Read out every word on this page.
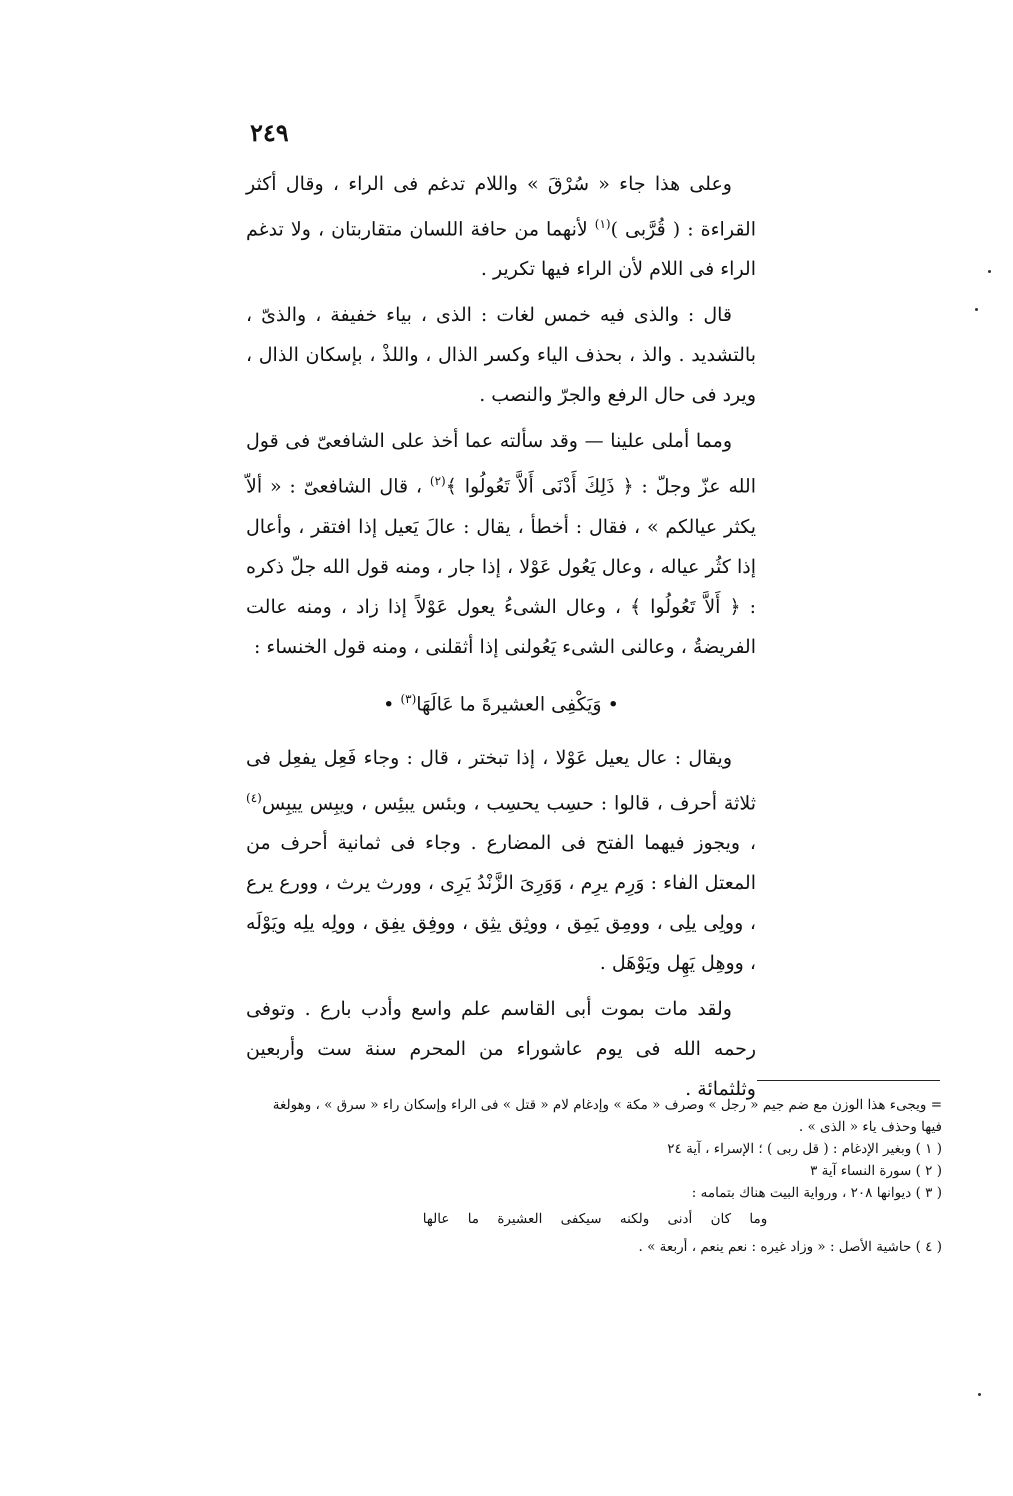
٢٤٩

وعلى هذا جاء « سُرْقَ » واللام تدغم فى الراء ، وقال أكثر القراءة : ( قُرَّبى )$^{(١)}$ لأنهما من حافة اللسان متقاربتان ، ولا تدغم الراء فى اللام لأن الراء فيها تكرير .

قال : والذى فيه خمس لغات : الذى ، بياء خفيفة ، والذىّ ، بالتشديد . والذ ، بحذف الياء وكسر الذال ، واللذْ ، بإسكان الذال ، ويرد فى حال الرفع والجرّ والنصب .

ومما أملى علينا — وقد سألته عما أخذ على الشافعىّ فى قول الله عزّ وجلّ : ﴿ ذَلِكَ أَدْنَى أَلاَّ تَعُولُوا ﴾$^{(٢)}$ ، قال الشافعىّ : « ألاّ يكثر عيالكم » ، فقال : أخطأ ، يقال : عالَ يَعيل إذا افتقر ، وأعال إذا كثُر عياله ، وعال يَعُول عَوْلا ، إذا جار ، ومنه قول الله جلّ ذكره : ﴿ أَلاَّ تَعُولُوا ﴾ ، وعال الشىءُ يعول عَوْلاً إذا زاد ، ومنه عالت الفريضةُ ، وعالنى الشىء يَعُولنى إذا أثقلنى ، ومنه قول الخنساء :

• وَيَكْفِى العشيرةَ ما عَالَهَا$^{(٣)}$ •

ويقال : عال يعيل عَوْلا ، إذا تبختر ، قال : وجاء فَعِل يفعِل فى ثلاثة أحرف ، قالوا : حسِب يحسِب ، وبئس يبئِس ، ويبِس ييبِس$^{(٤)}$ ، ويجوز فيهما الفتح فى المضارع . وجاء فى ثمانية أحرف من المعتل الفاء : وَرِم يرِم ، وَوَرِىَ الزَّنْدُ يَرِى ، وورث يرث ، وورع يرع ، وولِى يلِى ، وومِق يَمِق ، ووثِق يثِق ، ووفِق يفِق ، وولِه يلِه ويَوْلَه ، ووهِل يَهِل ويَوْهَل .

ولقد مات بموت أبى القاسم علم واسع وأدب بارع . وتوفى رحمه الله فى يوم عاشوراء من المحرم سنة ست وأربعين وثلثمائة .

= ويجىء هذا الوزن مع ضم جيم « رجل » وصرف « مكة » وإدغام لام « قتل » فى الراء وإسكان راء « سرق » ، وهولغة فيها وحذف ياء « الذى » .

( ١ ) وبغير الإدغام : ( قل ربى ) ؛ الإسراء ، آية ٢٤

( ٢ ) سورة النساء آية ٣

( ٣ ) ديوانها ٢٠٨ ، ورواية البيت هناك بتمامه :

وما كان أدنى ولكنه سيكفى العشيرة ما عالها

( ٤ ) حاشية الأصل : « وزاد غيره : نعم ينعم ، أربعة » .
